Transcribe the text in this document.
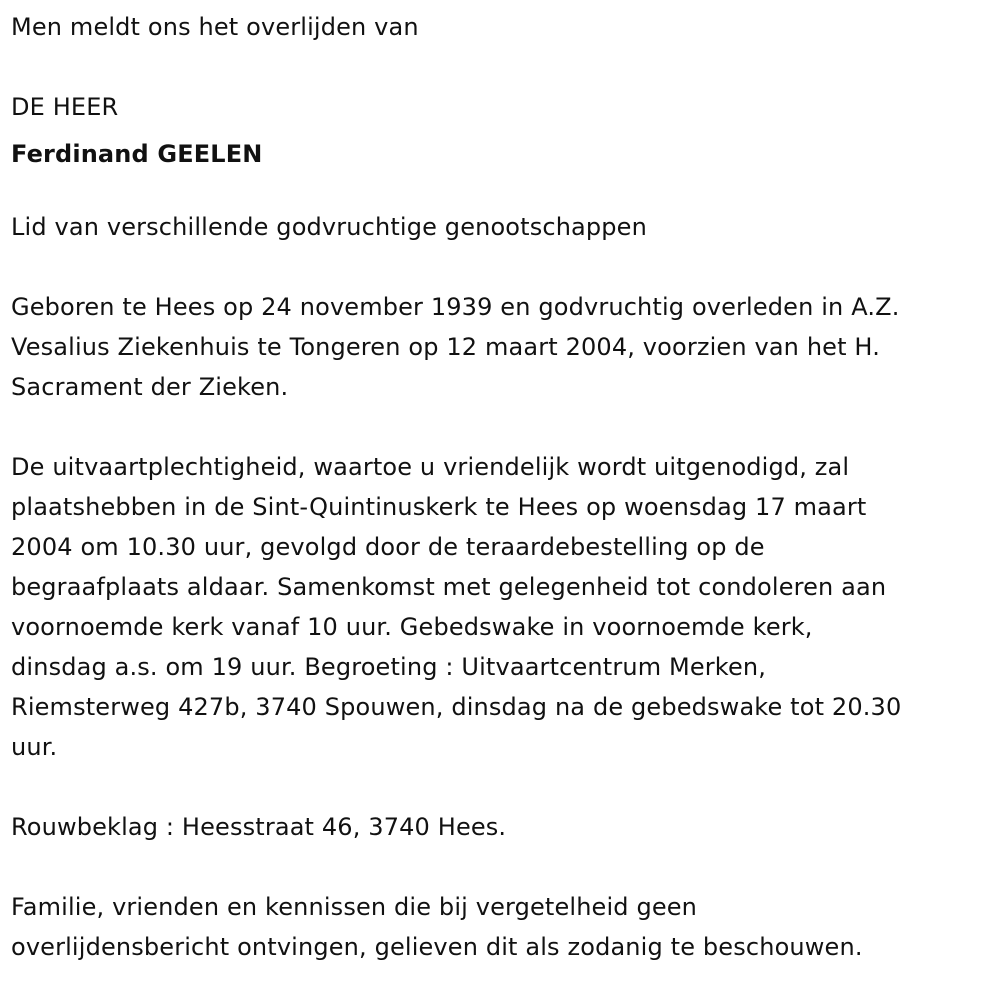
Men meldt ons het overlijden van

DE HEER

Ferdinand GEELEN

Lid van verschillende godvruchtige genootschappen

Geboren te Hees op 24 november 1939 en godvruchtig overleden in A.Z.

Vesalius Ziekenhuis te Tongeren op 12 maart 2004, voorzien van het H.

Sacrament der Zieken.

De uitvaartplechtigheid, waartoe u vriendelijk wordt uitgenodigd, zal

plaatshebben in de Sint-Quintinuskerk te Hees op woensdag 17 maart

2004 om 10.30 uur, gevolgd door de teraardebestelling op de

begraafplaats aldaar. Samenkomst met gelegenheid tot condoleren aan

voornoemde kerk vanaf 10 uur. Gebedswake in voornoemde kerk,

dinsdag a.s. om 19 uur. Begroeting : Uitvaartcentrum Merken,

Riemsterweg 427b, 3740 Spouwen, dinsdag na de gebedswake tot 20.30

uur.

Rouwbeklag : Heesstraat 46, 3740 Hees.

Familie, vrienden en kennissen die bij vergetelheid geen

overlijdensbericht ontvingen, gelieven dit als zodanig te beschouwen.
